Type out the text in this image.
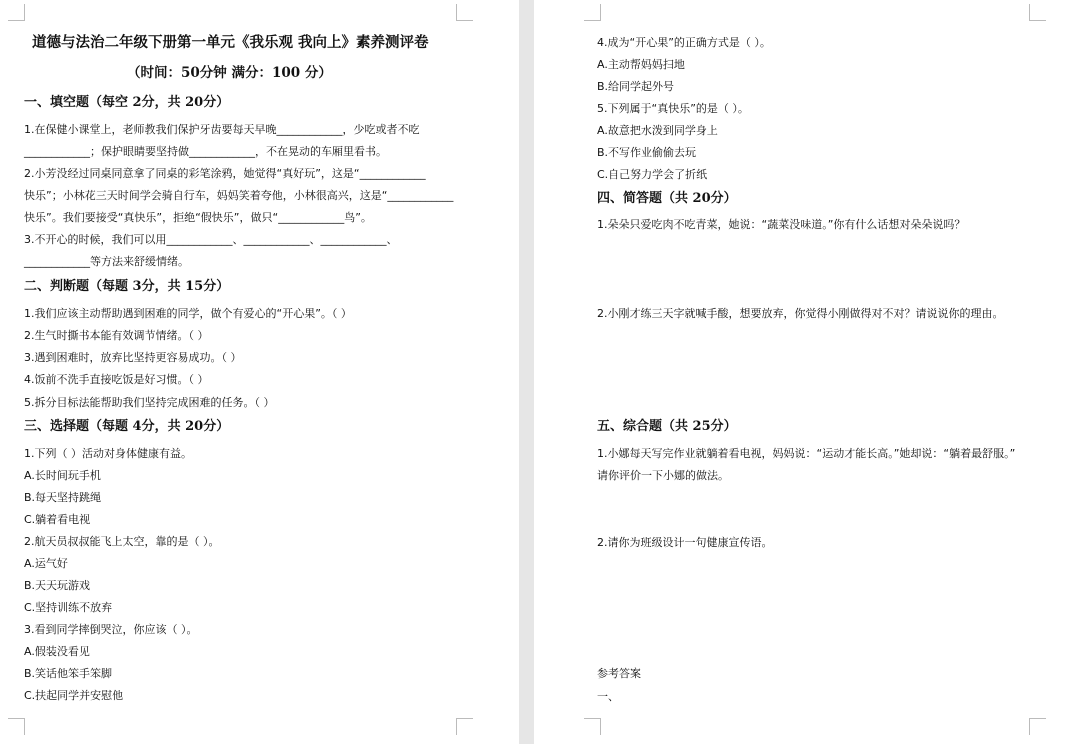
道德与法治二年级下册第一单元《我乐观 我向上》素养测评卷
（时间：50分钟 满分：100 分）
一、填空题（每空 2分，共 20分）
1.在保健小课堂上，老师教我们保护牙齿要每天早晚____________，少吃或者不吃
____________；保护眼睛要坚持做____________，不在晃动的车厢里看书。
2.小芳没经过同桌同意拿了同桌的彩笔涂鸦，她觉得“真好玩”，这是“____________
快乐”；小林花三天时间学会骑自行车，妈妈笑着夸他，小林很高兴，这是“____________
快乐”。我们要接受“真快乐”，拒绝“假快乐”，做只“____________鸟”。
3.不开心的时候，我们可以用____________、____________、____________、
____________等方法来舒缓情绪。
二、判断题（每题 3分，共 15分）
1.我们应该主动帮助遇到困难的同学，做个有爱心的“开心果”。（ ）
2.生气时撕书本能有效调节情绪。（ ）
3.遇到困难时，放弃比坚持更容易成功。（ ）
4.饭前不洗手直接吃饭是好习惯。（ ）
5.拆分目标法能帮助我们坚持完成困难的任务。（ ）
三、选择题（每题 4分，共 20分）
1.下列（ ）活动对身体健康有益。
A.长时间玩手机
B.每天坚持跳绳
C.躺着看电视
2.航天员叔叔能飞上太空，靠的是（ ）。
A.运气好
B.天天玩游戏
C.坚持训练不放弃
3.看到同学摔倒哭泣，你应该（ ）。
A.假装没看见
B.笑话他笨手笨脚
C.扶起同学并安慰他
4.成为“开心果”的正确方式是（ ）。
A.主动帮妈妈扫地
B.给同学起外号
5.下列属于“真快乐”的是（ ）。
A.故意把水泼到同学身上
B.不写作业偷偷去玩
C.自己努力学会了折纸
四、简答题（共 20分）
1.朵朵只爱吃肉不吃青菜，她说：“蔬菜没味道。”你有什么话想对朵朵说吗？
2.小刚才练三天字就喊手酸，想要放弃，你觉得小刚做得对不对？请说说你的理由。
五、综合题（共 25分）
1.小娜每天写完作业就躺着看电视，妈妈说：“运动才能长高。”她却说：“躺着最舒服。”
请你评价一下小娜的做法。
2.请你为班级设计一句健康宣传语。
参考答案
一、
